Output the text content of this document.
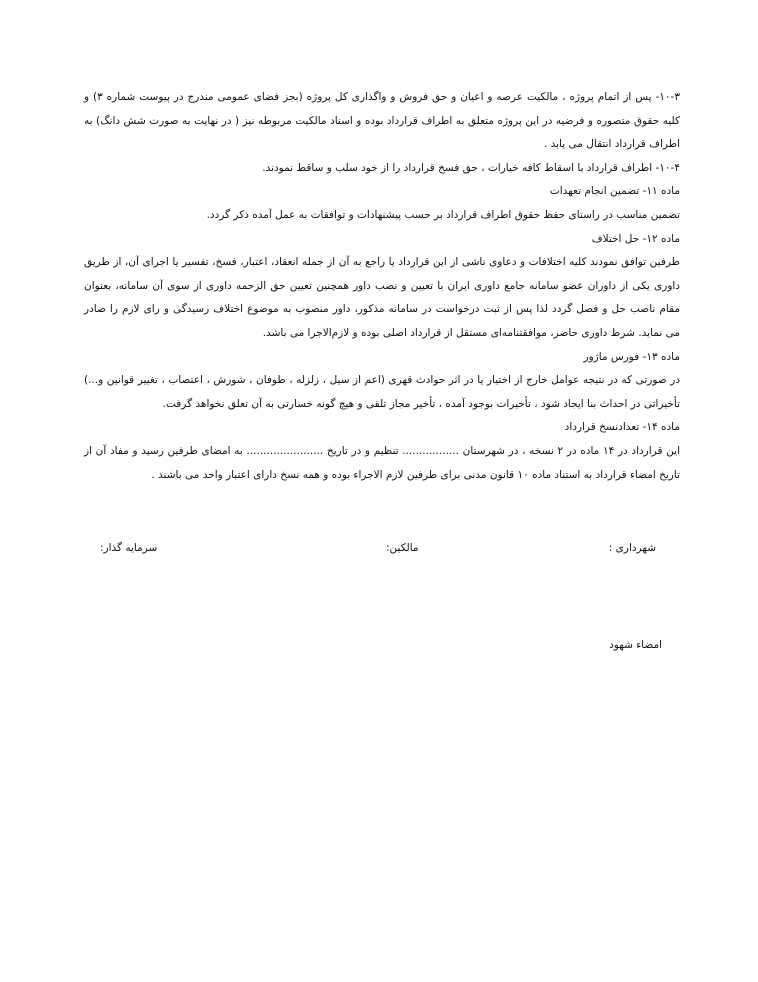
۱۰-۳- پس از اتمام پروژه ، مالکیت عرصه و اعیان و حق فروش و واگذاری کل پروژه (بجز فضای عمومی مندرج در پیوست شماره ۳) و کلیه حقوق متصوره و فرضیه در این پروژه متعلق به اطراف قرارداد بوده و اسناد مالکیت مربوطه نیز ( در نهایت به صورت شش دانگ) به اطراف قرارداد انتقال می یابد .

۱۰-۴- اطراف قرارداد با اسقاط کافه خیارات ، حق فسخ قرارداد را از خود سلب و ساقط نمودند.

ماده ۱۱- تضمین انجام تعهدات

تضمین مناسب در راستای حفظ حقوق اطراف قرارداد بر حسب پیشنهادات و توافقات به عمل آمده ذکر گردد.

ماده ۱۲- حل اختلاف

طرفین توافق نمودند کلیه اختلافات و دعاوی ناشی از این قرارداد یا راجع به آن از جمله انعقاد، اعتبار، فسخ، تفسیر یا اجرای آن، از طریق داوری یکی از داوران عضو سامانه جامع داوری ایران با تعیین و نصب داور همچنین تعیین حق الزحمه داوری از سوی آن سامانه، بعنوان مقام ناصب حل و فصل گردد لذا پس از ثبت درخواست در سامانه مذکور، داور منصوب به موضوع اختلاف رسیدگی و رای لازم را صادر می نماید. شرط داوری حاضر، موافقتنامه‌ای مستقل از قرارداد اصلی بوده و لازم‌الاجرا می باشد.

ماده ۱۳- فورس ماژور

در صورتی که در نتیجه عوامل خارج از اختیار یا در اثر حوادث قهری (اعم از سیل ، زلزله ، طوفان ، شورش ، اعتصاب ، تغییر قوانین و...) تأخیراتی در احداث بنا ایجاد شود ، تأخیرات بوجود آمده ، تأخیر مجاز تلقی و هیچ گونه خسارتی به آن تعلق نخواهد گرفت.

ماده ۱۴- تعدادنسخ قرارداد

این قرارداد در ۱۴ ماده در ۲ نسخه ، در شهرستان ................. تنظیم و در تاریخ ....................... به امضای طرفین رسید و مفاد آن از تاریخ امضاء قرارداد به استناد ماده ۱۰ قانون مدنی برای طرفین لازم الاجراء بوده و همه نسخ دارای اعتبار واحد می باشند .

شهرداری :
مالکین:
سرمایه گذار:
امضاء شهود
